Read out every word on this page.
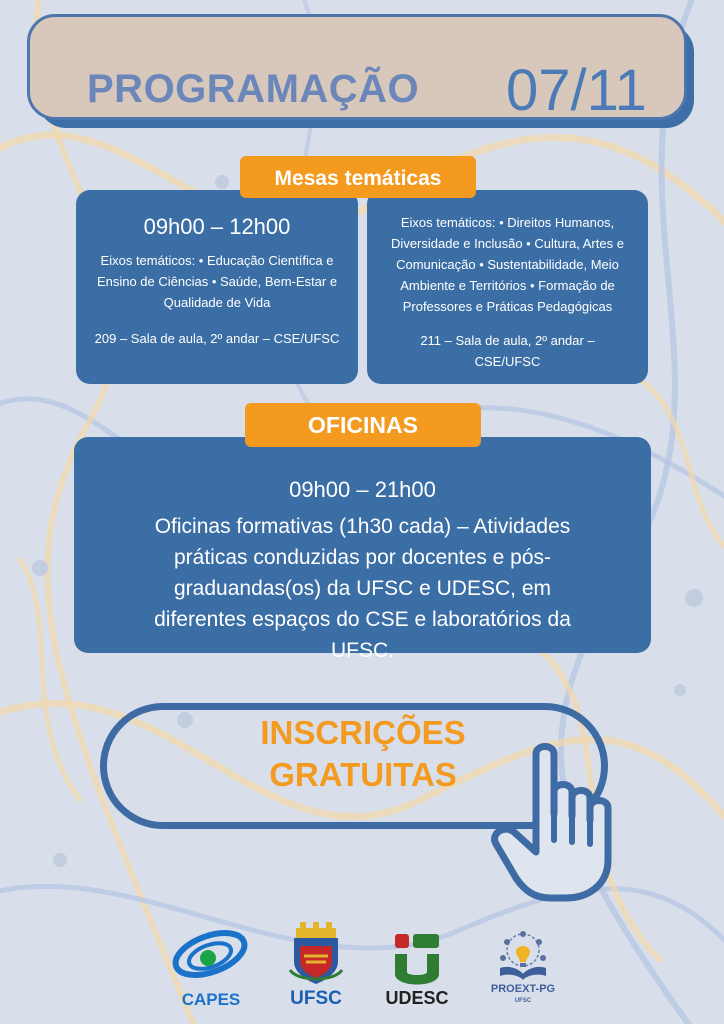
PROGRAMAÇÃO 07/11
09h00 – 12h00
Eixos temáticos: • Educação Científica e Ensino de Ciências • Saúde, Bem-Estar e Qualidade de Vida
209 – Sala de aula, 2º andar – CSE/UFSC
Eixos temáticos: • Direitos Humanos, Diversidade e Inclusão • Cultura, Artes e Comunicação • Sustentabilidade, Meio Ambiente e Territórios • Formação de Professores e Práticas Pedagógicas
211 – Sala de aula, 2º andar – CSE/UFSC
Mesas temáticas
09h00 – 21h00
Oficinas formativas (1h30 cada) – Atividades práticas conduzidas por docentes e pós-graduandas(os) da UFSC e UDESC, em diferentes espaços do CSE e laboratórios da UFSC.
OFICINAS
INSCRIÇÕES
GRATUITAS
CAPES	UFSC	UDESC	PROEXT-PG
UFSC
